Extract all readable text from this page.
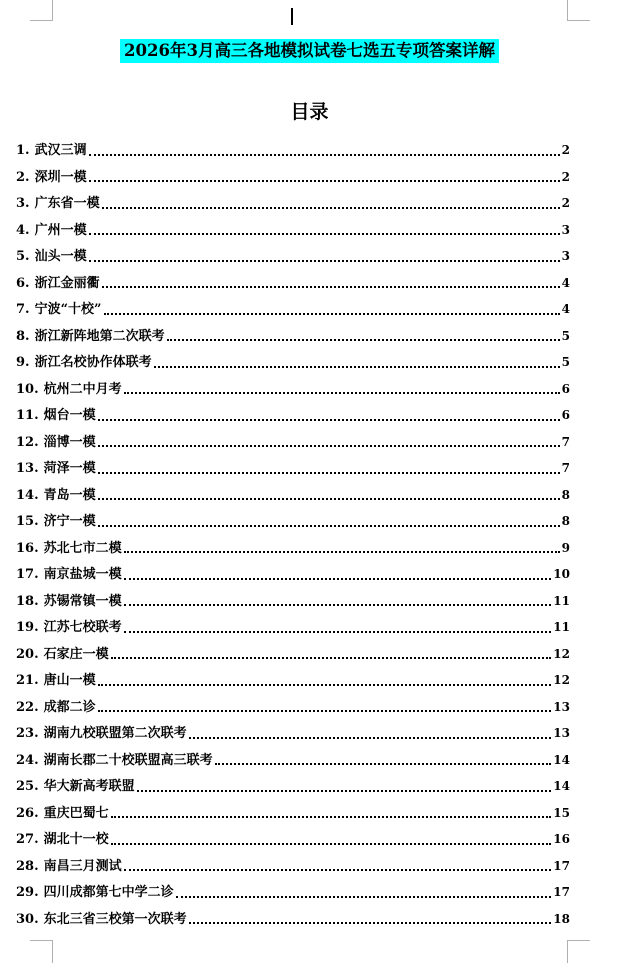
2026年3月高三各地模拟试卷七选五专项答案详解
目录
1. 武汉三调	2
2. 深圳一模	2
3. 广东省一模	2
4. 广州一模	3
5. 汕头一模	3
6. 浙江金丽衢	4
7. 宁波“十校”	4
8. 浙江新阵地第二次联考	5
9. 浙江名校协作体联考	5
10. 杭州二中月考	6
11. 烟台一模	6
12. 淄博一模	7
13. 菏泽一模	7
14. 青岛一模	8
15. 济宁一模	8
16. 苏北七市二模	9
17. 南京盐城一模	10
18. 苏锡常镇一模	11
19. 江苏七校联考	11
20. 石家庄一模	12
21. 唐山一模	12
22. 成都二诊	13
23. 湖南九校联盟第二次联考	13
24. 湖南长郡二十校联盟高三联考	14
25. 华大新高考联盟	14
26. 重庆巴蜀七	15
27. 湖北十一校	16
28. 南昌三月测试	17
29. 四川成都第七中学二诊	17
30. 东北三省三校第一次联考	18
